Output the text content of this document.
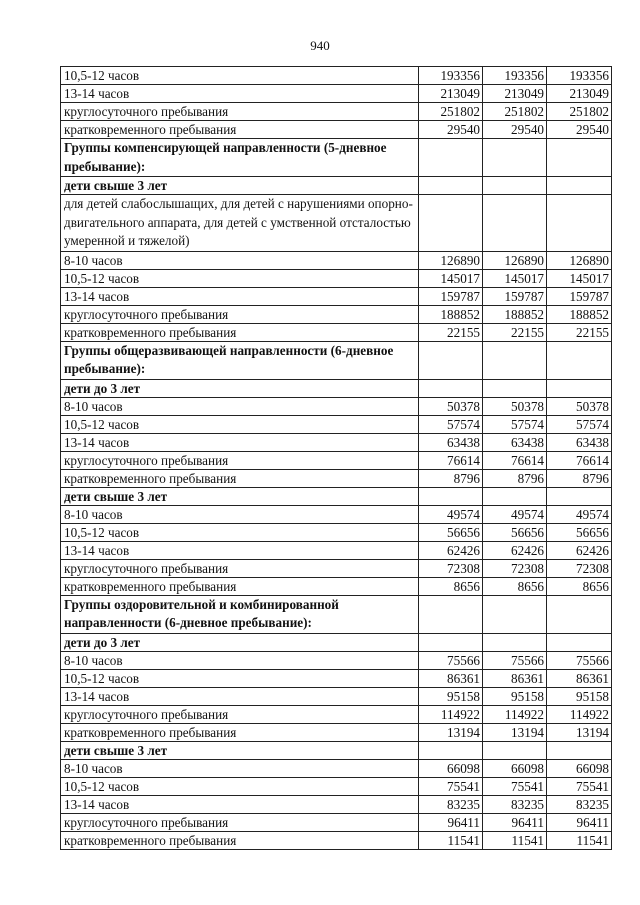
940
10,5-12 часов	193356	193356	193356
13-14 часов	213049	213049	213049
круглосуточного пребывания	251802	251802	251802
кратковременного пребывания	29540	29540	29540
Группы компенсирующей направленности (5-дневное пребывание):			
дети свыше 3 лет			
для детей слабослышащих, для детей с нарушениями опорно-двигательного аппарата, для детей с умственной отсталостью умеренной и тяжелой)			
8-10 часов	126890	126890	126890
10,5-12 часов	145017	145017	145017
13-14 часов	159787	159787	159787
круглосуточного пребывания	188852	188852	188852
кратковременного пребывания	22155	22155	22155
Группы общеразвивающей направленности (6-дневное пребывание):			
дети до 3 лет			
8-10 часов	50378	50378	50378
10,5-12 часов	57574	57574	57574
13-14 часов	63438	63438	63438
круглосуточного пребывания	76614	76614	76614
кратковременного пребывания	8796	8796	8796
дети свыше 3 лет			
8-10 часов	49574	49574	49574
10,5-12 часов	56656	56656	56656
13-14 часов	62426	62426	62426
круглосуточного пребывания	72308	72308	72308
кратковременного пребывания	8656	8656	8656
Группы оздоровительной и комбинированной направленности (6-дневное пребывание):			
дети до 3 лет			
8-10 часов	75566	75566	75566
10,5-12 часов	86361	86361	86361
13-14 часов	95158	95158	95158
круглосуточного пребывания	114922	114922	114922
кратковременного пребывания	13194	13194	13194
дети свыше 3 лет			
8-10 часов	66098	66098	66098
10,5-12 часов	75541	75541	75541
13-14 часов	83235	83235	83235
круглосуточного пребывания	96411	96411	96411
кратковременного пребывания	11541	11541	11541
